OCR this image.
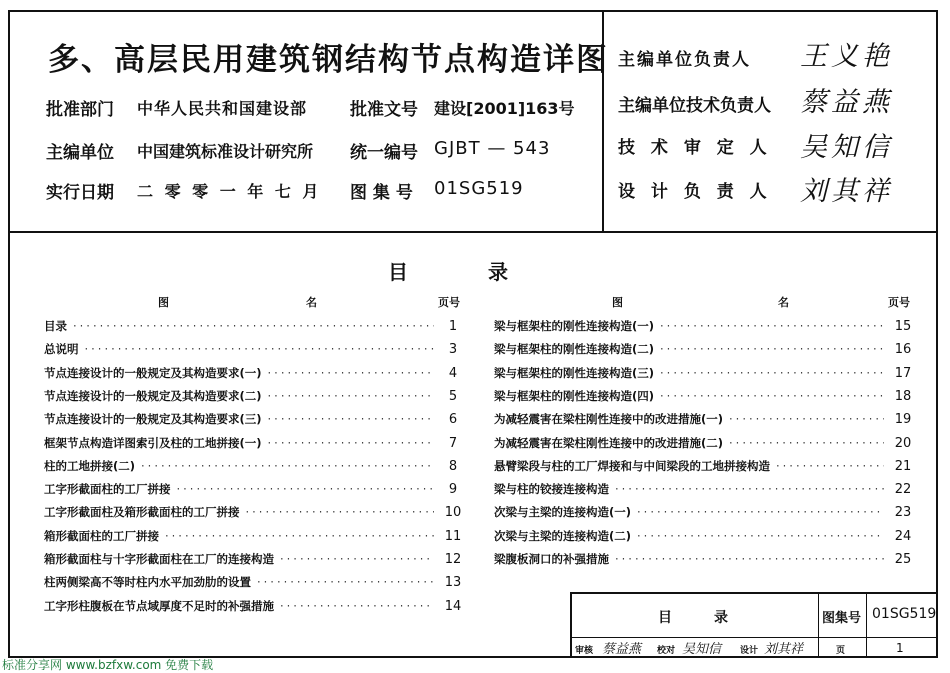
多、高层民用建筑钢结构节点构造详图
批准部门 中华人民共和国建设部	批准文号 建设[2001]163号
主编单位 中国建筑标准设计研究所 统一编号 GJBT — 543
实行日期 二 零 零 一 年 七 月 图 集 号 01SG519
主编单位负责人 王义艳
主编单位技术负责人 蔡益燕
技 术 审 定 人 吴知信
设 计 负 责 人 刘其祥
目　　　　录
图	名	页号	图	名	页号
目录 ·····	1
总说明 ·····	3
节点连接设计的一般规定及其构造要求(一) ·····	4
节点连接设计的一般规定及其构造要求(二) ·····	5
节点连接设计的一般规定及其构造要求(三) ·····	6
框架节点构造详图索引及柱的工地拼接(一) ·····	7
柱的工地拼接(二) ·····	8
工字形截面柱的工厂拼接 ·····	9
工字形截面柱及箱形截面柱的工厂拼接 ·····	10
箱形截面柱的工厂拼接 ·····	11
箱形截面柱与十字形截面柱在工厂的连接构造 ·····	12
柱两侧梁高不等时柱内水平加劲肋的设置 ·····	13
工字形柱腹板在节点域厚度不足时的补强措施 ·····	14
梁与框架柱的刚性连接构造(一) ·····	15
梁与框架柱的刚性连接构造(二) ·····	16
梁与框架柱的刚性连接构造(三) ·····	17
梁与框架柱的刚性连接构造(四) ·····	18
为减轻震害在梁柱刚性连接中的改进措施(一) ·····	19
为减轻震害在梁柱刚性连接中的改进措施(二) ·····	20
悬臂梁段与柱的工厂焊接和与中间梁段的工地拼接构造 ·····	21
梁与柱的铰接连接构造 ·····	22
次梁与主梁的连接构造(一) ·····	23
次梁与主梁的连接构造(二) ·····	24
梁腹板洞口的补强措施 ·····	25
目　　　录	图集号 01SG519
审核 蔡益燕 校对 吴知信 设计 刘其祥	页	1
标准分享网 www.bzfxw.com 免费下载
